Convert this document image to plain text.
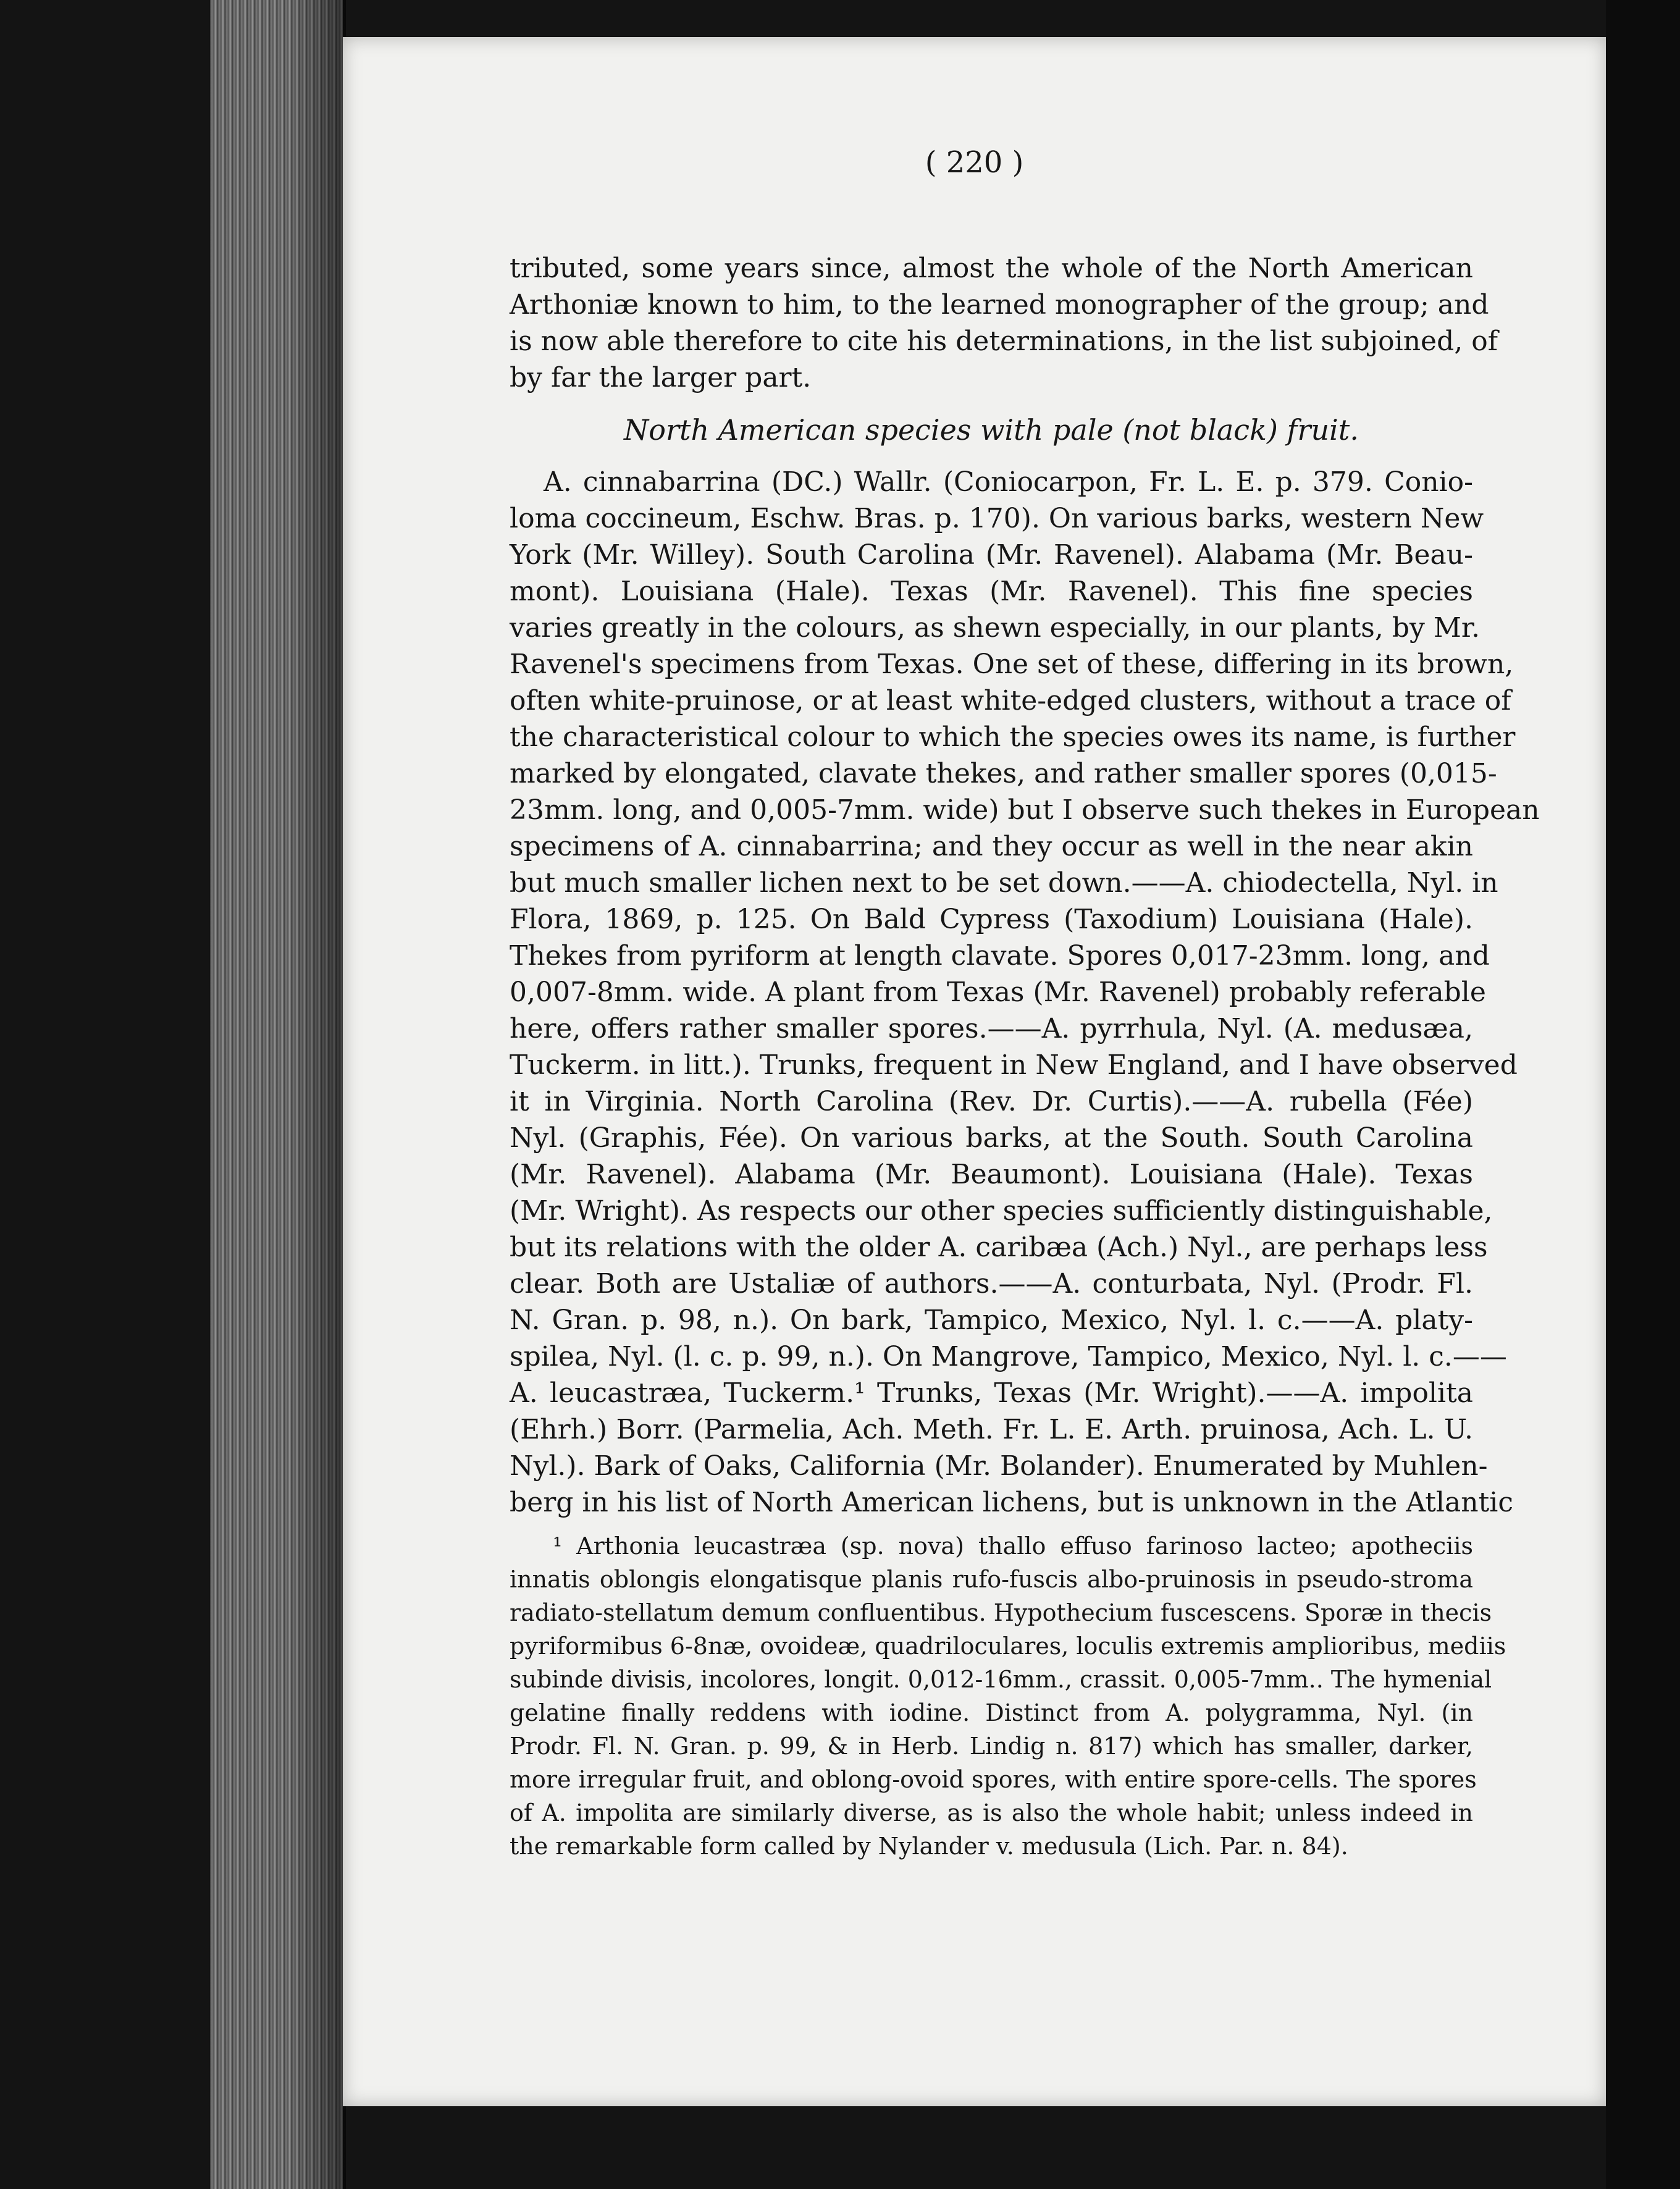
( 220 )
tributed, some years since, almost the whole of the North American
Arthoniæ known to him, to the learned monographer of the group; and
is now able therefore to cite his determinations, in the list subjoined, of
by far the larger part.
North American species with pale (not black) fruit.
A. cinnabarrina (DC.) Wallr. (Coniocarpon, Fr. L. E. p. 379. Conio-
loma coccineum, Eschw. Bras. p. 170). On various barks, western New
York (Mr. Willey). South Carolina (Mr. Ravenel). Alabama (Mr. Beau-
mont). Louisiana (Hale). Texas (Mr. Ravenel). This fine species
varies greatly in the colours, as shewn especially, in our plants, by Mr.
Ravenel's specimens from Texas. One set of these, differing in its brown,
often white-pruinose, or at least white-edged clusters, without a trace of
the characteristical colour to which the species owes its name, is further
marked by elongated, clavate thekes, and rather smaller spores (0,015-
23mm. long, and 0,005-7mm. wide) but I observe such thekes in European
specimens of A. cinnabarrina; and they occur as well in the near akin
but much smaller lichen next to be set down.——A. chiodectella, Nyl. in
Flora, 1869, p. 125. On Bald Cypress (Taxodium) Louisiana (Hale).
Thekes from pyriform at length clavate. Spores 0,017-23mm. long, and
0,007-8mm. wide. A plant from Texas (Mr. Ravenel) probably referable
here, offers rather smaller spores.——A. pyrrhula, Nyl. (A. medusæa,
Tuckerm. in litt.). Trunks, frequent in New England, and I have observed
it in Virginia. North Carolina (Rev. Dr. Curtis).——A. rubella (Fée)
Nyl. (Graphis, Fée). On various barks, at the South. South Carolina
(Mr. Ravenel). Alabama (Mr. Beaumont). Louisiana (Hale). Texas
(Mr. Wright). As respects our other species sufficiently distinguishable,
but its relations with the older A. caribæa (Ach.) Nyl., are perhaps less
clear. Both are Ustaliæ of authors.——A. conturbata, Nyl. (Prodr. Fl.
N. Gran. p. 98, n.). On bark, Tampico, Mexico, Nyl. l. c.——A. platy-
spilea, Nyl. (l. c. p. 99, n.). On Mangrove, Tampico, Mexico, Nyl. l. c.——
A. leucastræa, Tuckerm.¹ Trunks, Texas (Mr. Wright).——A. impolita
(Ehrh.) Borr. (Parmelia, Ach. Meth. Fr. L. E. Arth. pruinosa, Ach. L. U.
Nyl.). Bark of Oaks, California (Mr. Bolander). Enumerated by Muhlen-
berg in his list of North American lichens, but is unknown in the Atlantic
¹ Arthonia leucastræa (sp. nova) thallo effuso farinoso lacteo; apotheciis
innatis oblongis elongatisque planis rufo-fuscis albo-pruinosis in pseudo-stroma
radiato-stellatum demum confluentibus. Hypothecium fuscescens. Sporæ in thecis
pyriformibus 6-8næ, ovoideæ, quadriloculares, loculis extremis amplioribus, mediis
subinde divisis, incolores, longit. 0,012-16mm., crassit. 0,005-7mm.. The hymenial
gelatine finally reddens with iodine. Distinct from A. polygramma, Nyl. (in
Prodr. Fl. N. Gran. p. 99, & in Herb. Lindig n. 817) which has smaller, darker,
more irregular fruit, and oblong-ovoid spores, with entire spore-cells. The spores
of A. impolita are similarly diverse, as is also the whole habit; unless indeed in
the remarkable form called by Nylander v. medusula (Lich. Par. n. 84).
